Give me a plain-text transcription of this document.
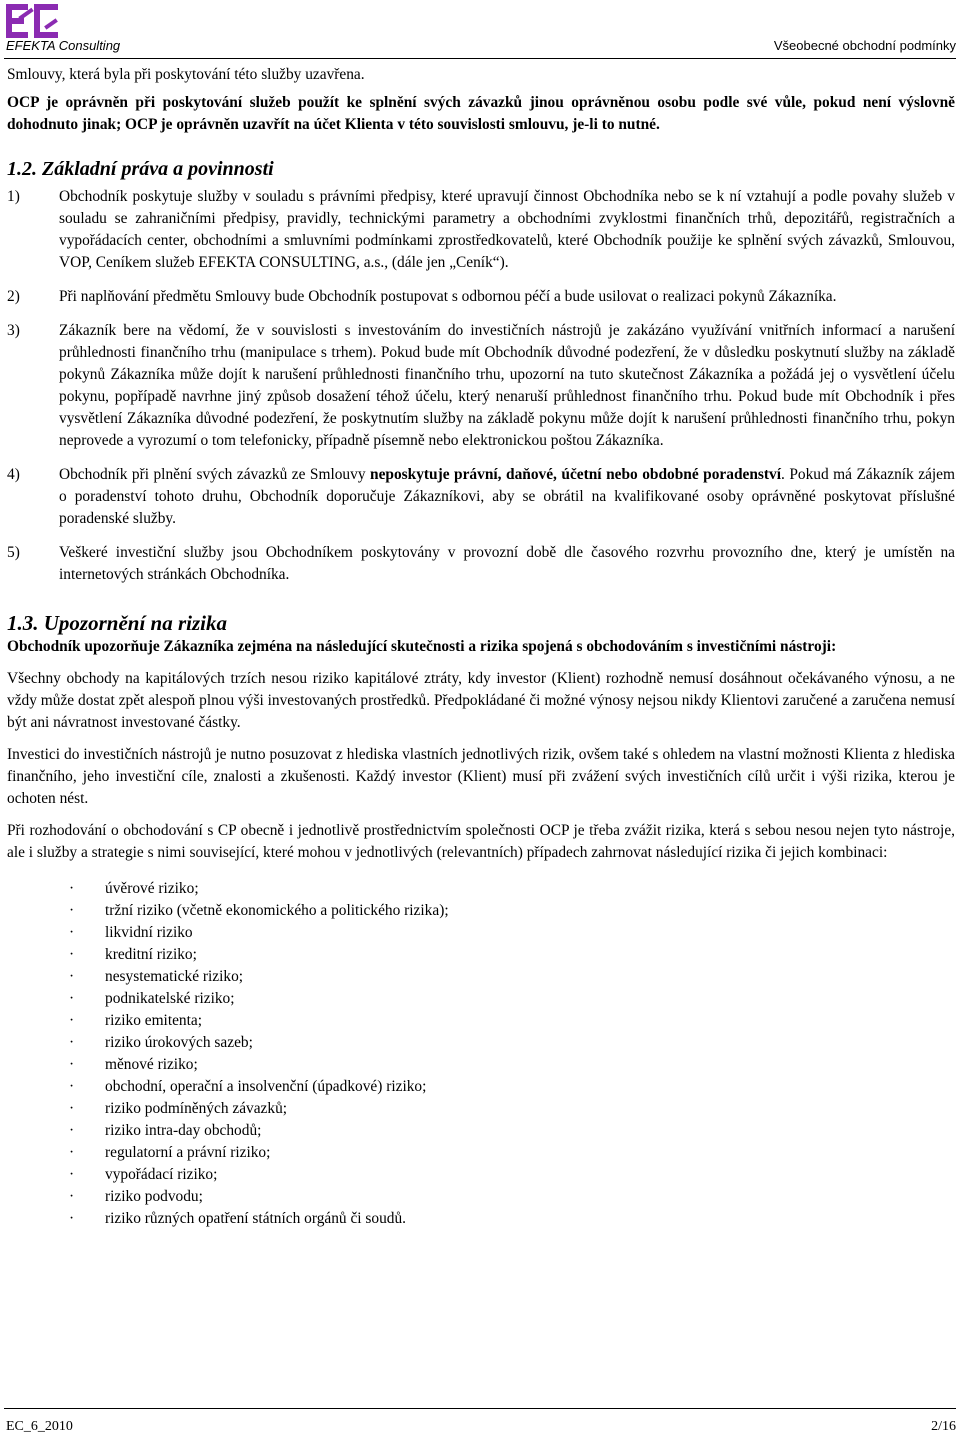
EFEKTA Consulting	Všeobecné obchodní podmínky

Smlouvy, která byla při poskytování této služby uzavřena.

OCP je oprávněn při poskytování služeb použít ke splnění svých závazků jinou oprávněnou osobu podle své vůle, pokud není výslovně dohodnuto jinak; OCP je oprávněn uzavřít na účet Klienta v této souvislosti smlouvu, je-li to nutné.

1.2. Základní práva a povinnosti
1)	Obchodník poskytuje služby v souladu s právními předpisy, které upravují činnost Obchodníka nebo se k ní vztahují a podle povahy služeb v souladu se zahraničními předpisy, pravidly, technickými parametry a obchodními zvyklostmi finančních trhů, depozitářů, registračních a vypořádacích center, obchodními a smluvními podmínkami zprostředkovatelů, které Obchodník použije ke splnění svých závazků, Smlouvou, VOP, Ceníkem služeb EFEKTA CONSULTING, a.s., (dále jen „Ceník“).
2)	Při naplňování předmětu Smlouvy bude Obchodník postupovat s odbornou péčí a bude usilovat o realizaci pokynů Zákazníka.
3)	Zákazník bere na vědomí, že v souvislosti s investováním do investičních nástrojů je zakázáno využívání vnitřních informací a narušení průhlednosti finančního trhu (manipulace s trhem). Pokud bude mít Obchodník důvodné podezření, že v důsledku poskytnutí služby na základě pokynů Zákazníka může dojít k narušení průhlednosti finančního trhu, upozorní na tuto skutečnost Zákazníka a požádá jej o vysvětlení účelu pokynu, popřípadě navrhne jiný způsob dosažení téhož účelu, který nenaruší průhlednost finančního trhu. Pokud bude mít Obchodník i přes vysvětlení Zákazníka důvodné podezření, že poskytnutím služby na základě pokynu může dojít k narušení průhlednosti finančního trhu, pokyn neprovede a vyrozumí o tom telefonicky, případně písemně nebo elektronickou poštou Zákazníka.
4)	Obchodník při plnění svých závazků ze Smlouvy neposkytuje právní, daňové, účetní nebo obdobné poradenství. Pokud má Zákazník zájem o poradenství tohoto druhu, Obchodník doporučuje Zákazníkovi, aby se obrátil na kvalifikované osoby oprávněné poskytovat příslušné poradenské služby.
5)	Veškeré investiční služby jsou Obchodníkem poskytovány v provozní době dle časového rozvrhu provozního dne, který je umístěn na internetových stránkách Obchodníka.
1.3. Upozornění na rizika

Obchodník upozorňuje Zákazníka zejména na následující skutečnosti a rizika spojená s obchodováním s investičními nástroji:

Všechny obchody na kapitálových trzích nesou riziko kapitálové ztráty, kdy investor (Klient) rozhodně nemusí dosáhnout očekávaného výnosu, a ne vždy může dostat zpět alespoň plnou výši investovaných prostředků. Předpokládané či možné výnosy nejsou nikdy Klientovi zaručené a zaručena nemusí být ani návratnost investované částky.

Investici do investičních nástrojů je nutno posuzovat z hlediska vlastních jednotlivých rizik, ovšem také s ohledem na vlastní možnosti Klienta z hlediska finančního, jeho investiční cíle, znalosti a zkušenosti. Každý investor (Klient) musí při zvážení svých investičních cílů určit i výši rizika, kterou je ochoten nést.

Při rozhodování o obchodování s CP obecně i jednotlivě prostřednictvím společnosti OCP je třeba zvážit rizika, která s sebou nesou nejen tyto nástroje, ale i služby a strategie s nimi související, které mohou v jednotlivých (relevantních) případech zahrnovat následující rizika či jejich kombinaci:

· úvěrové riziko;
· tržní riziko (včetně ekonomického a politického rizika);
· likvidní riziko
· kreditní riziko;
· nesystematické riziko;
· podnikatelské riziko;
· riziko emitenta;
· riziko úrokových sazeb;
· měnové riziko;
· obchodní, operační a insolvenční (úpadkové) riziko;
· riziko podmíněných závazků;
· riziko intra-day obchodů;
· regulatorní a právní riziko;
· vypořádací riziko;
· riziko podvodu;
· riziko různých opatření státních orgánů či soudů.
EC_6_2010	2/16
